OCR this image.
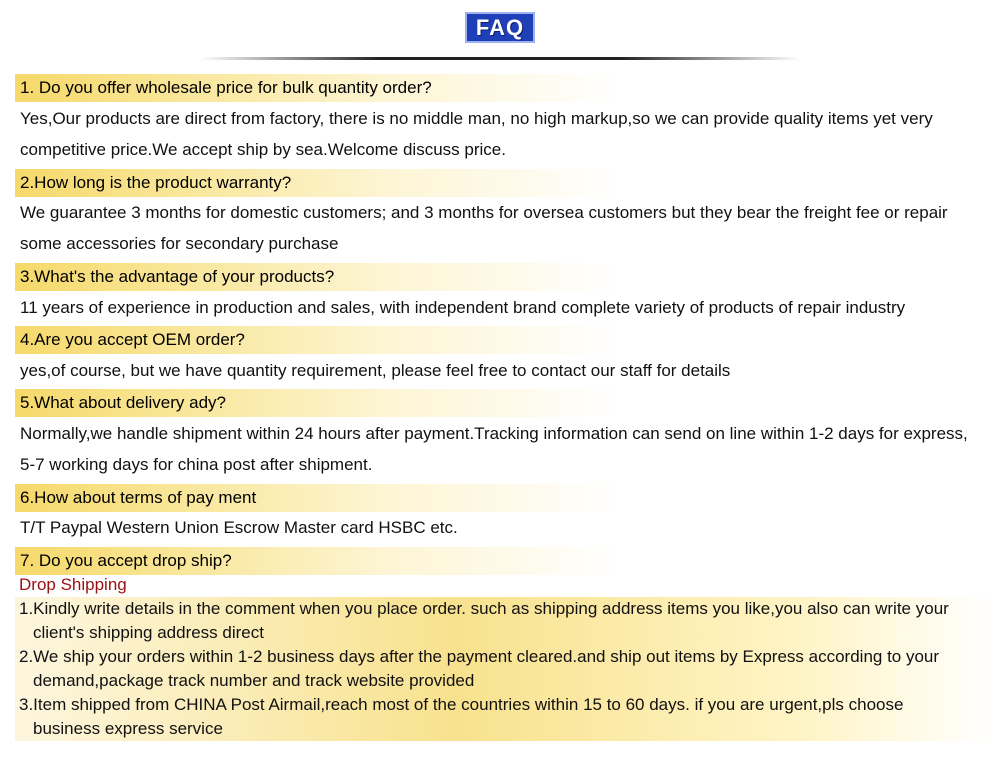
FAQ
1. Do you offer wholesale price for bulk quantity order?
Yes,Our products are direct from factory, there is no middle man, no high markup,so we can provide quality items yet very
competitive price.We accept ship by sea.Welcome discuss price.
2.How long is the product warranty?
We guarantee 3 months for domestic customers; and 3 months for oversea customers but they bear the freight fee or repair
some accessories for secondary purchase
3.What's the advantage of your products?
11 years of experience in production and sales, with independent brand complete variety of products of repair industry
4.Are you accept OEM order?
yes,of course, but we have quantity requirement, please feel free to contact our staff for details
5.What about delivery ady?
Normally,we handle shipment within 24 hours after payment.Tracking information can send on line within 1-2 days for express,
5-7 working days for china post after shipment.
6.How about terms of pay ment
T/T Paypal Western Union Escrow Master card HSBC etc.
7. Do you accept drop ship?
Drop Shipping
1.Kindly write details in the comment when you place order. such as shipping address items you like,you also can write your
client's shipping address direct
2.We ship your orders within 1-2 business days after the payment cleared.and ship out items by Express according to your
demand,package track number and track website provided
3.Item shipped from CHINA Post Airmail,reach most of the countries within 15 to 60 days. if you are urgent,pls choose
business express service
